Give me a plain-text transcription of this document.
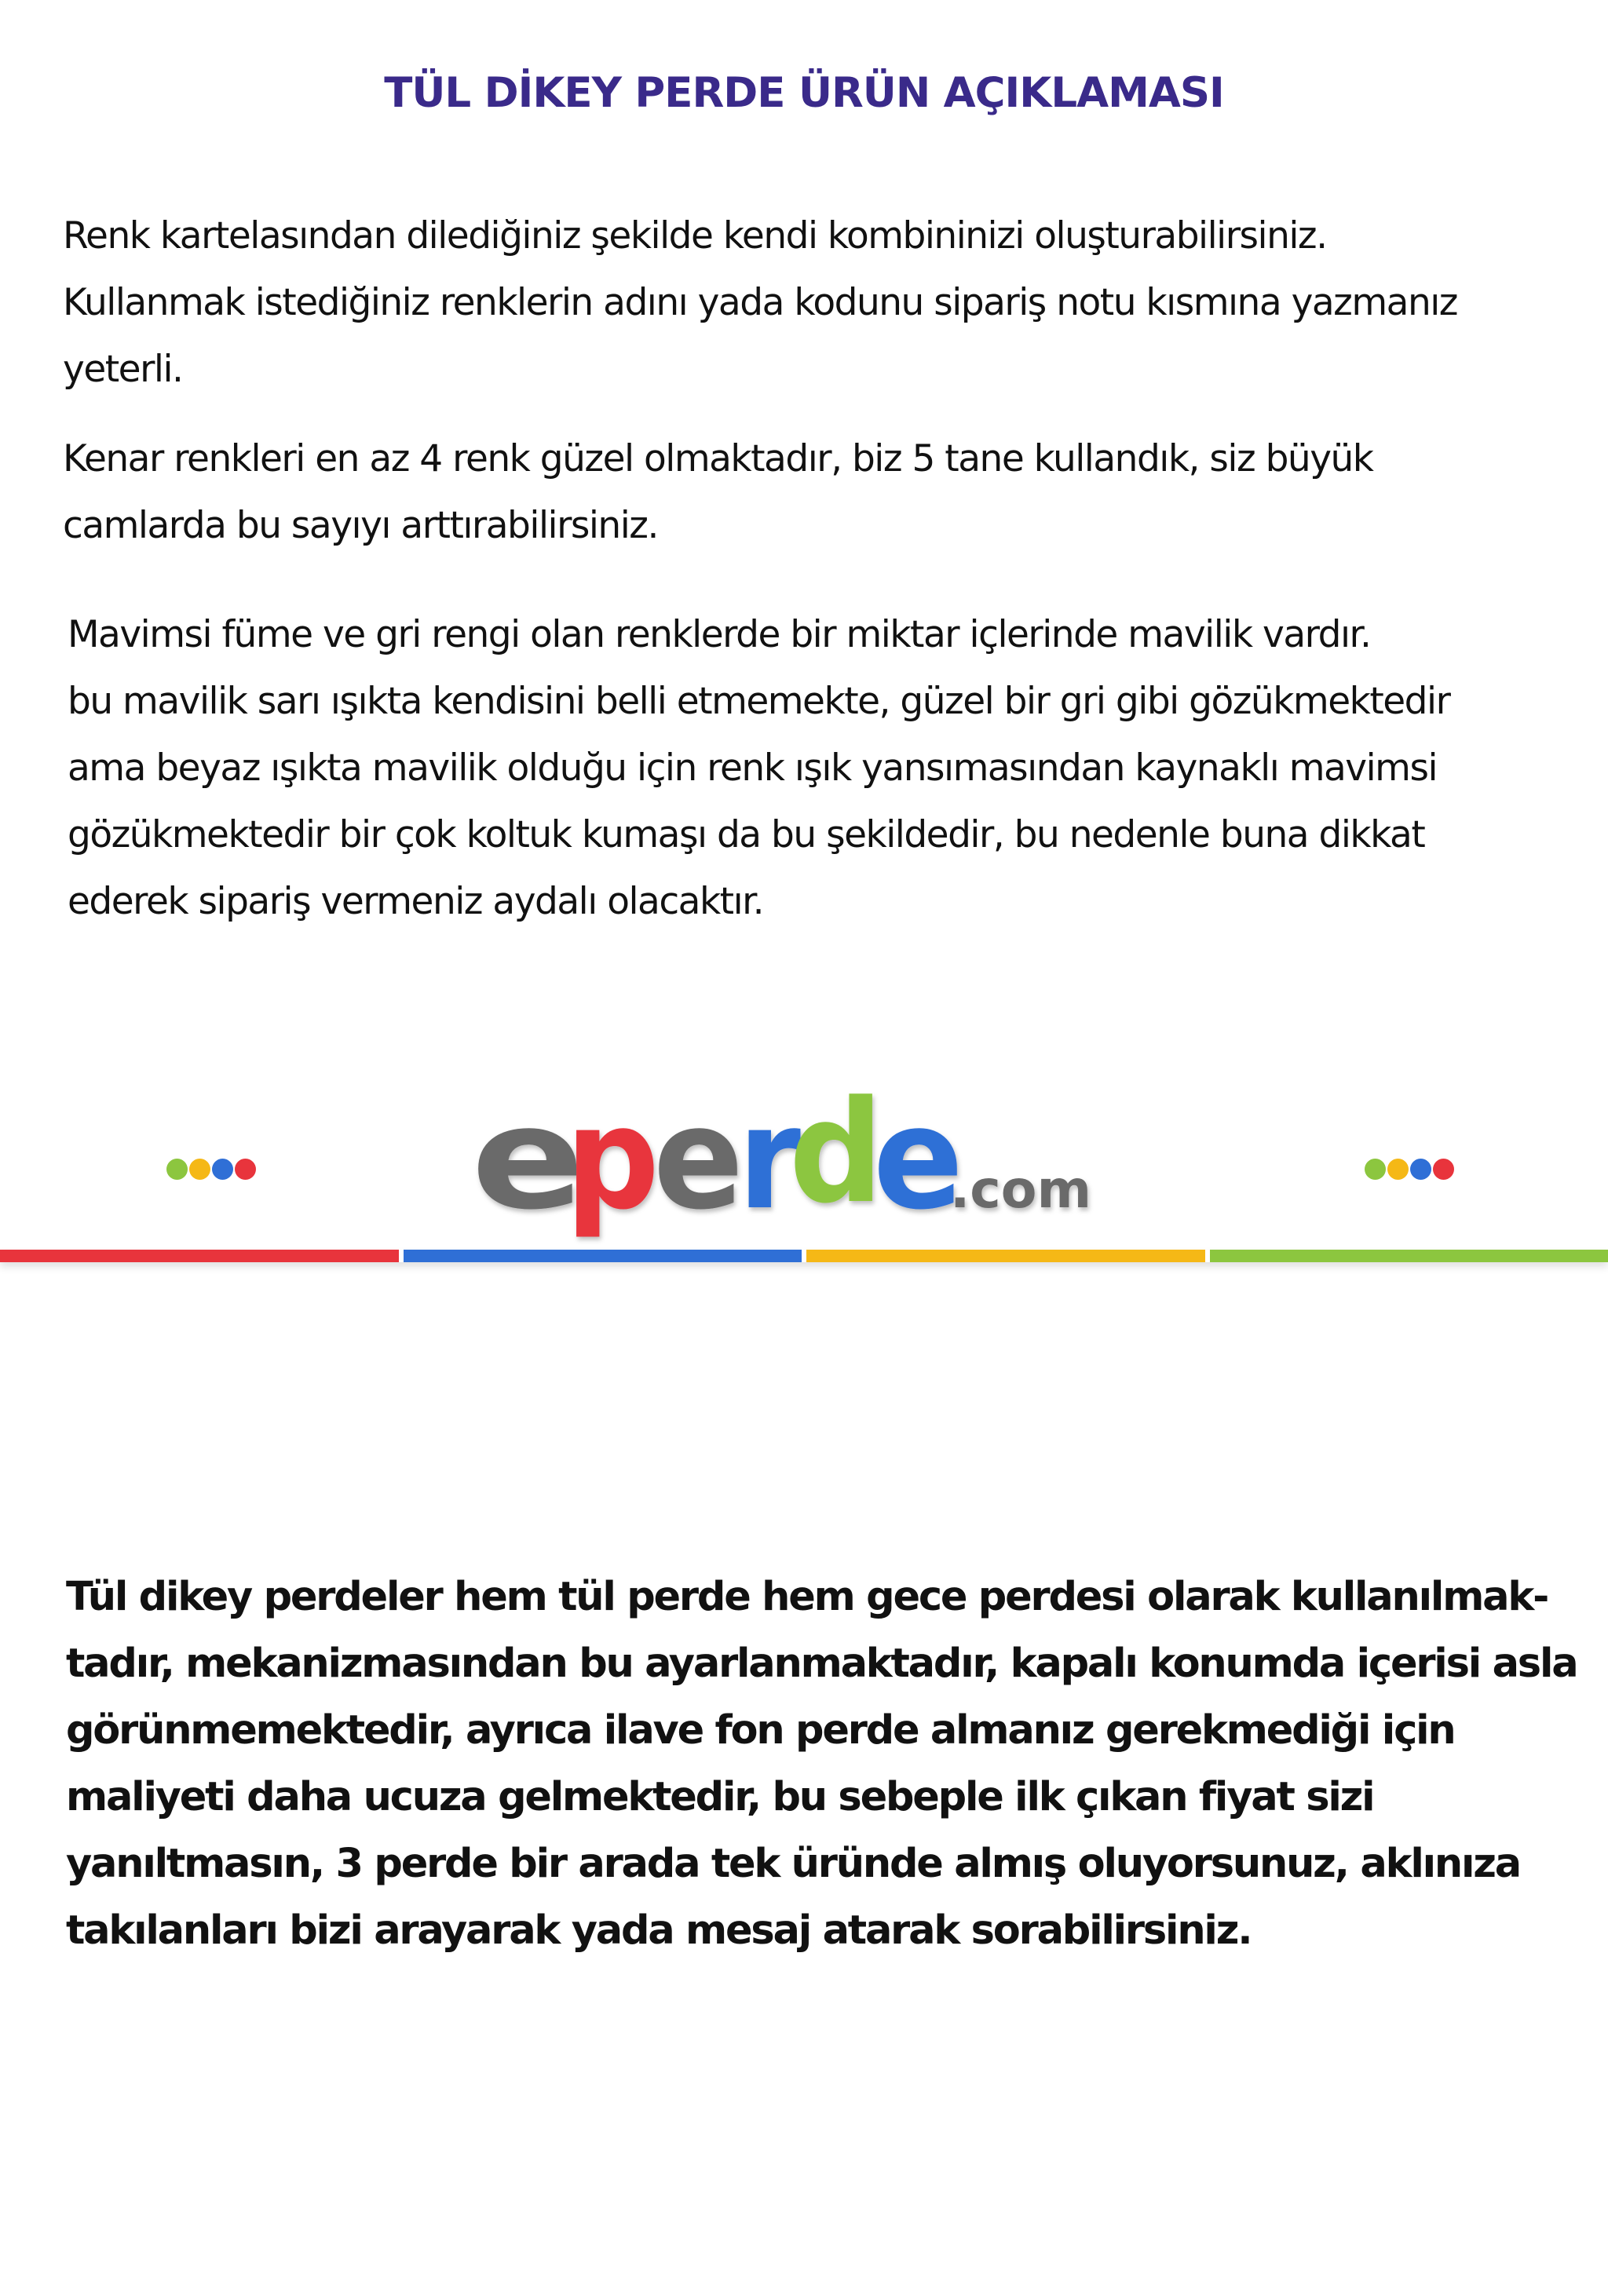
TÜL DİKEY PERDE ÜRÜN AÇIKLAMASI
Renk kartelasından dilediğiniz şekilde kendi kombininizi oluşturabilirsiniz.
Kullanmak istediğiniz renklerin adını yada kodunu sipariş notu kısmına yazmanız
yeterli.
Kenar renkleri en az 4 renk güzel olmaktadır, biz 5 tane kullandık, siz büyük
camlarda bu sayıyı arttırabilirsiniz.
Mavimsi füme ve gri rengi olan renklerde bir miktar içlerinde mavilik vardır.
bu mavilik sarı ışıkta kendisini belli etmemekte, güzel bir gri gibi gözükmektedir
ama beyaz ışıkta mavilik olduğu için renk ışık yansımasından kaynaklı mavimsi
gözükmektedir bir çok koltuk kumaşı da bu şekildedir, bu nedenle buna dikkat
ederek sipariş vermeniz aydalı olacaktır.
e
p
e
r
d
e
.com
Tül dikey perdeler hem tül perde hem gece perdesi olarak kullanılmak-
tadır, mekanizmasından bu ayarlanmaktadır, kapalı konumda içerisi asla
görünmemektedir, ayrıca ilave fon perde almanız gerekmediği için
maliyeti daha ucuza gelmektedir, bu sebeple ilk çıkan fiyat sizi
yanıltmasın, 3 perde bir arada tek üründe almış oluyorsunuz, aklınıza
takılanları bizi arayarak yada mesaj atarak sorabilirsiniz.
